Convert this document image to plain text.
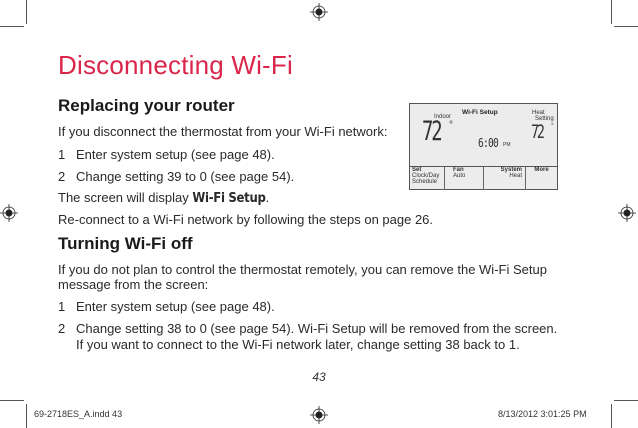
Disconnecting Wi-Fi
Replacing your router
If you disconnect the thermostat from your Wi-Fi network:
1 Enter system setup (see page 48).
2 Change setting 39 to 0 (see page 54).
The screen will display Wi-Fi Setup.
Re-connect to a Wi-Fi network by following the steps on page 26.
Turning Wi-Fi off
If you do not plan to control the thermostat remotely, you can remove the Wi-Fi Setup
message from the screen:
1 Enter system setup (see page 48).
2 Change setting 38 to 0 (see page 54). Wi-Fi Setup will be removed from the screen.
If you want to connect to the Wi-Fi network later, change setting 38 back to 1.
Indoor
Wi-Fi Setup	Heat
Setting
72 °
6:00 PM
72 °
Set
Clock/Day
Schedule
Fan
Auto
System
Heat
More
43
69-2718ES_A.indd 43	8/13/2012 3:01:25 PM
